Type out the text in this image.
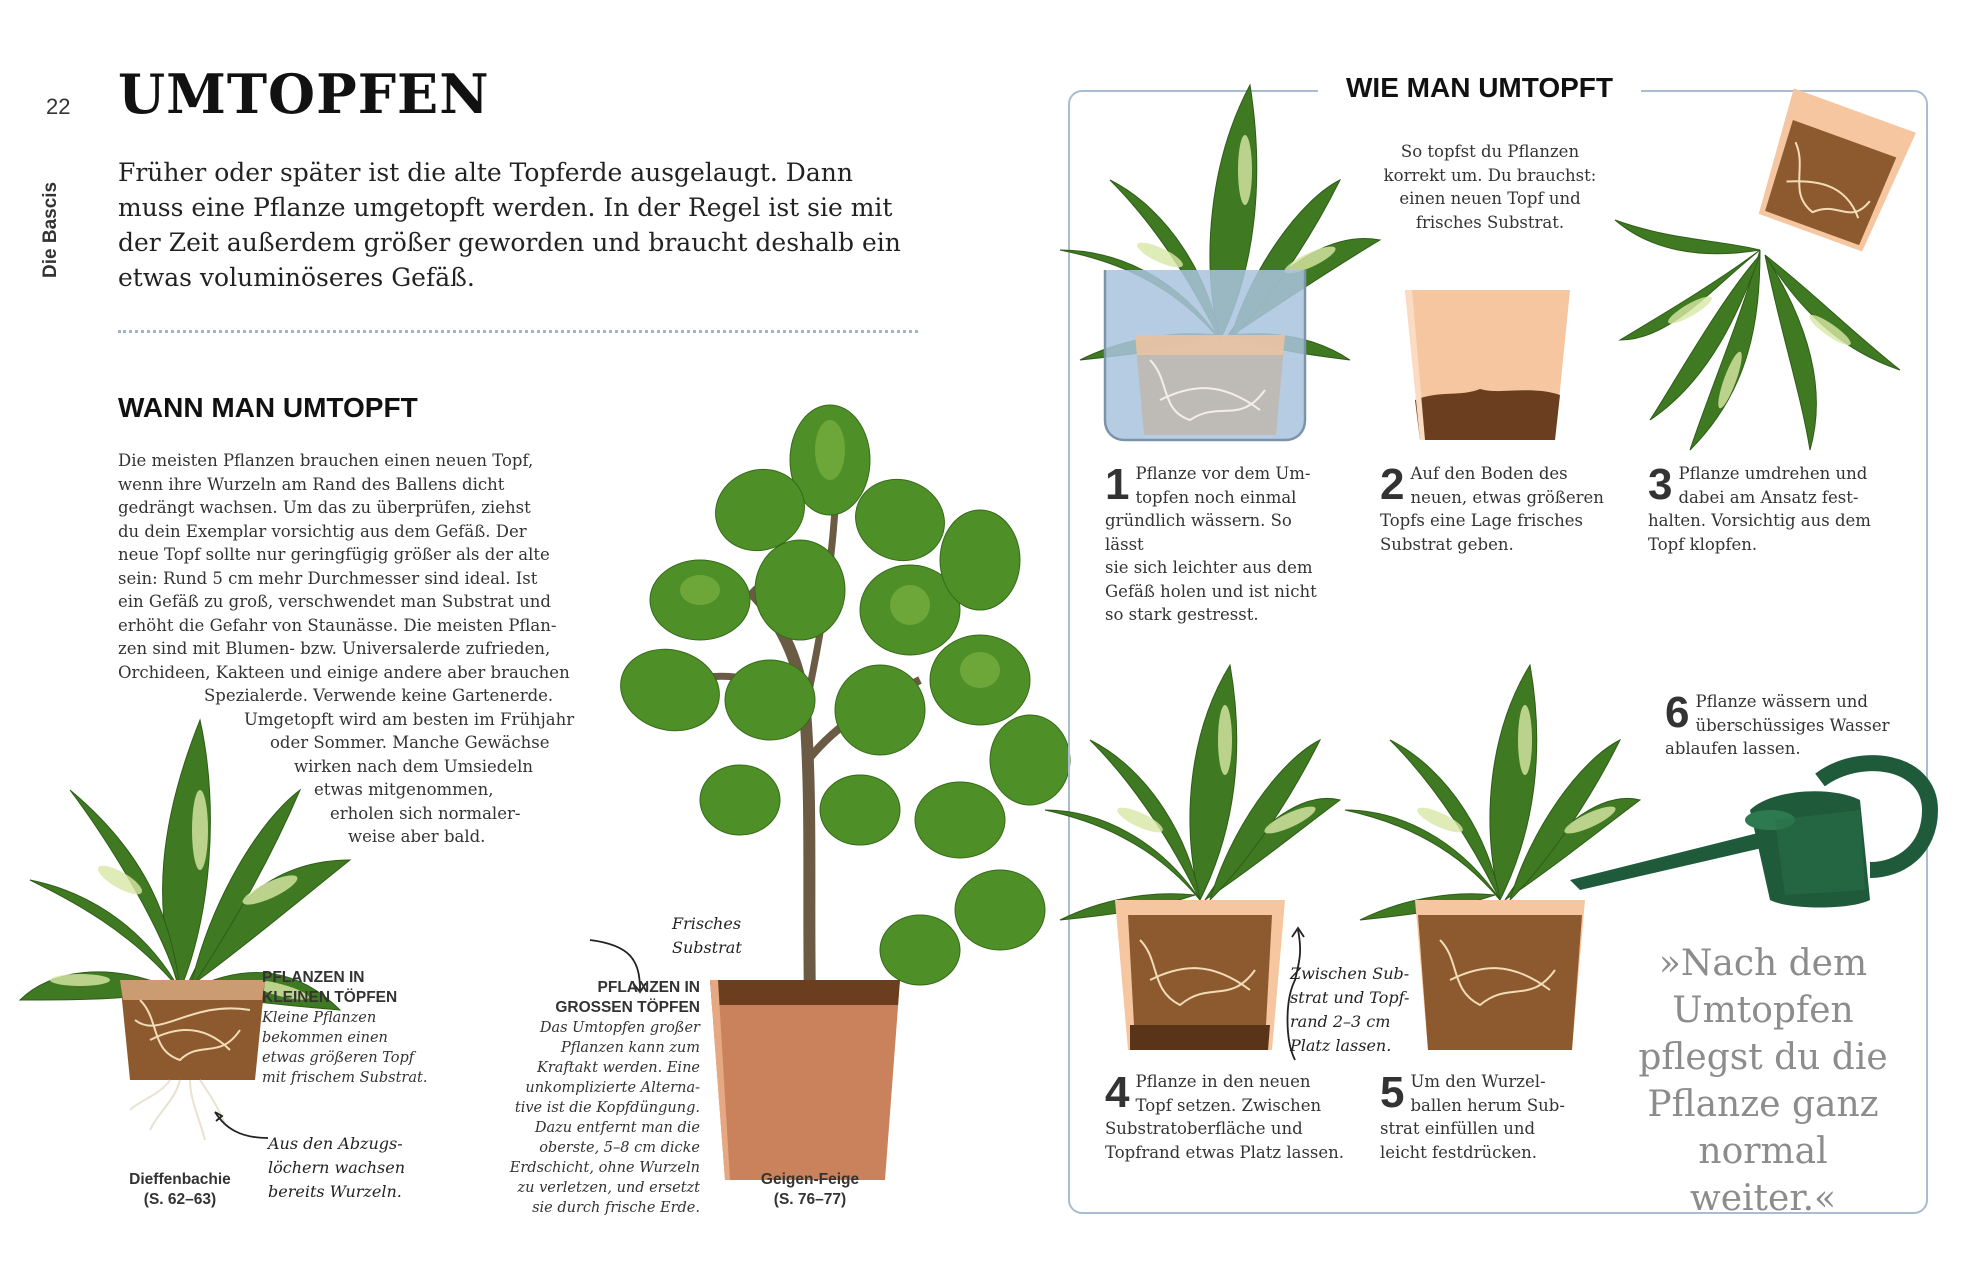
22
Die Bascis
UMTOPFEN
Früher oder später ist die alte Topferde ausgelaugt. Dann muss eine Pflanze umgetopft werden. In der Regel ist sie mit der Zeit außerdem größer geworden und braucht deshalb ein etwas voluminöseres Gefäß.
WANN MAN UMTOPFT

Die meisten Pflanzen brauchen einen neuen Topf,

wenn ihre Wurzeln am Rand des Ballens dicht

gedrängt wachsen. Um das zu überprüfen, ziehst

du dein Exemplar vorsichtig aus dem Gefäß. Der

neue Topf sollte nur geringfügig größer als der alte

sein: Rund 5 cm mehr Durchmesser sind ideal. Ist

ein Gefäß zu groß, verschwendet man Substrat und

erhöht die Gefahr von Staunässe. Die meisten Pflan-

zen sind mit Blumen- bzw. Universalerde zufrieden,

Orchideen, Kakteen und einige andere aber brauchen

Spezialerde. Verwende keine Gartenerde.

Umgetopft wird am besten im Frühjahr

oder Sommer. Manche Gewächse

wirken nach dem Umsiedeln

etwas mitgenommen,

erholen sich normaler-

weise aber bald.

PFLANZEN IN
KLEINEN TÖPFEN
Kleine Pflanzen
bekommen einen
etwas größeren Topf
mit frischem Substrat.
Aus den Abzugs-
löchern wachsen
bereits Wurzeln.
Dieffenbachie
(S. 62–63)
Frisches
Substrat
PFLANZEN IN
GROSSEN TÖPFEN
Das Umtopfen großer
Pflanzen kann zum
Kraftakt werden. Eine
unkomplizierte Alterna-
tive ist die Kopfdüngung.
Dazu entfernt man die
oberste, 5–8 cm dicke
Erdschicht, ohne Wurzeln
zu verletzen, und ersetzt
sie durch frische Erde.
Geigen-Feige
(S. 76–77)
WIE MAN UMTOPFT
So topfst du Pflanzen
korrekt um. Du brauchst:
einen neuen Topf und
frisches Substrat.
1 Pflanze vor dem Um-
topfen noch einmal
gründlich wässern. So lässt
sie sich leichter aus dem
Gefäß holen und ist nicht
so stark gestresst.
2 Auf den Boden des
neuen, etwas größeren
Topfs eine Lage frisches
Substrat geben.
3 Pflanze umdrehen und
dabei am Ansatz fest-
halten. Vorsichtig aus dem
Topf klopfen.
Zwischen Sub-
strat und Topf-
rand 2–3 cm
Platz lassen.
6 Pflanze wässern und
überschüssiges Wasser
ablaufen lassen.
4 Pflanze in den neuen
Topf setzen. Zwischen
Substratoberfläche und
Topfrand etwas Platz lassen.
5 Um den Wurzel-
ballen herum Sub-
strat einfüllen und
leicht festdrücken.
»Nach dem
Umtopfen
pflegst du die
Pflanze ganz
normal weiter.«
